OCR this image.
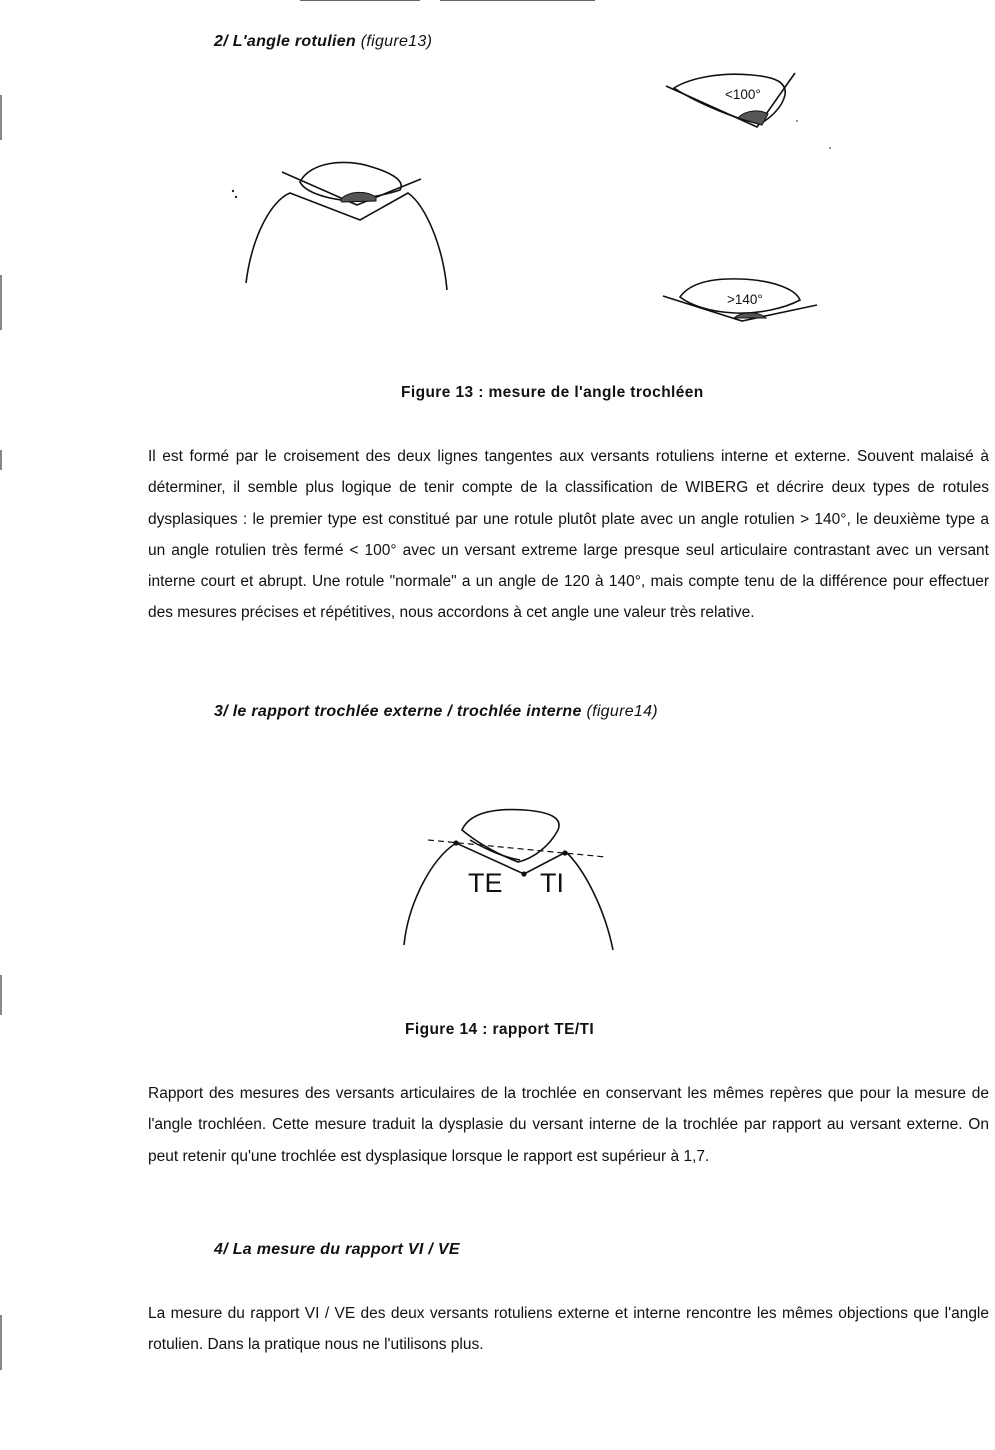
2/ L'angle rotulien (figure13)
<100°
>140°
Figure 13 : mesure de l'angle trochléen

Il est formé par le croisement des deux lignes tangentes aux versants rotuliens interne et externe. Souvent malaisé à déterminer, il semble plus logique de tenir compte de la classification de WIBERG et décrire deux types de rotules dysplasiques : le premier type est constitué par une rotule plutôt plate avec un angle rotulien > 140°, le deuxième type a un angle rotulien très fermé < 100° avec un versant extreme large presque seul articulaire contrastant avec un versant interne court et abrupt. Une rotule "normale" a un angle de 120 à 140°, mais compte tenu de la différence pour effectuer des mesures précises et répétitives, nous accordons à cet angle une valeur très relative.

3/ le rapport trochlée externe / trochlée interne (figure14)
TE TI
Figure 14 : rapport TE/TI

Rapport des mesures des versants articulaires de la trochlée en conservant les mêmes repères que pour la mesure de l'angle trochléen. Cette mesure traduit la dysplasie du versant interne de la trochlée par rapport au versant externe. On peut retenir qu'une trochlée est dysplasique lorsque le rapport est supérieur à 1,7.

4/ La mesure du rapport VI / VE

La mesure du rapport VI / VE des deux versants rotuliens externe et interne rencontre les mêmes objections que l'angle rotulien. Dans la pratique nous ne l'utilisons plus.
